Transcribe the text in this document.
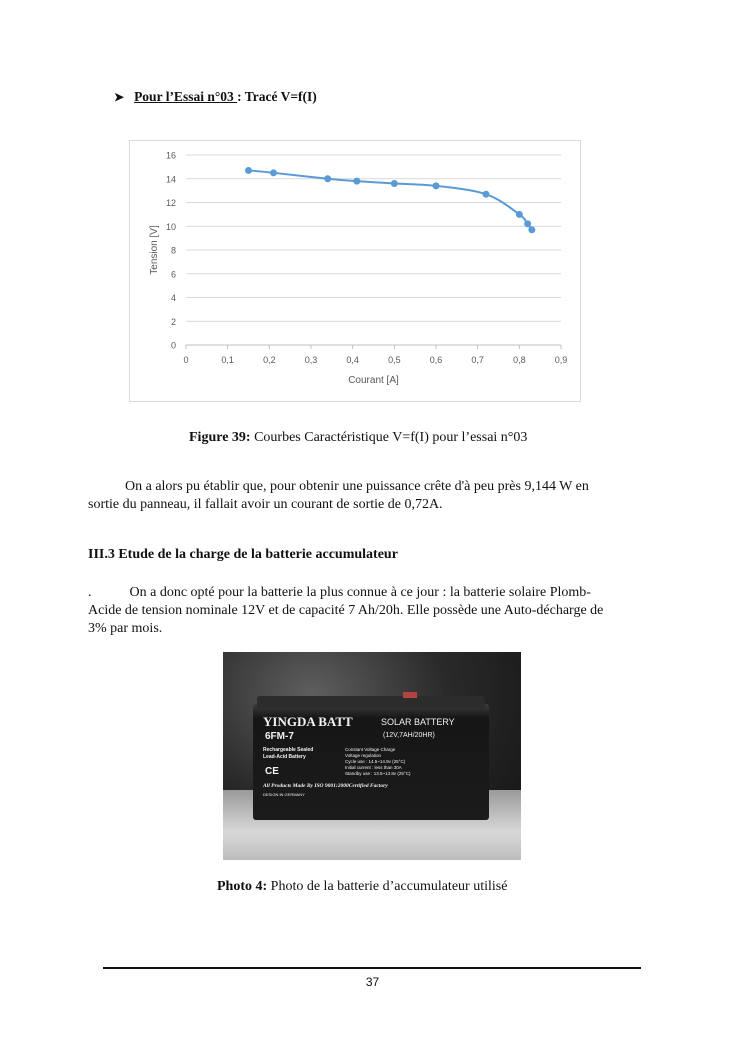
➤ Pour l’Essai n°03 : Tracé V=f(I)
0
2
4
6
8
10
12
14
16
0	0,1	0,2	0,3	0,4	0,5	0,6	0,7	0,8	0,9
Courant [A]
Tension [V]
Figure 39: Courbes Caractéristique V=f(I) pour l’essai n°03
On a alors pu établir que, pour obtenir une puissance crête d'à peu près 9,144 W en
sortie du panneau, il fallait avoir un courant de sortie de 0,72A.
III.3 Etude de la charge de la batterie accumulateur
.	On a donc opté pour la batterie la plus connue à ce jour : la batterie solaire Plomb-
Acide de tension nominale 12V et de capacité 7 Ah/20h. Elle possède une Auto-décharge de
3% par mois.
YINGDA BATT	SOLAR BATTERY
6FM-7	(12V,7AH/20HR)
Rechargeable Sealed
Lead-Acid Battery
Constant Voltage Charge
Voltage regulation
Cycle use : 14.5~14.9v (25°C)
Initial current : less than 30A
Standby use : 13.5~13.8v (25°C)
CE
All Products Made By ISO 9001:2000Certified Factory
DESIGN IN GERMANY
Photo 4: Photo de la batterie d’accumulateur utilisé
37
